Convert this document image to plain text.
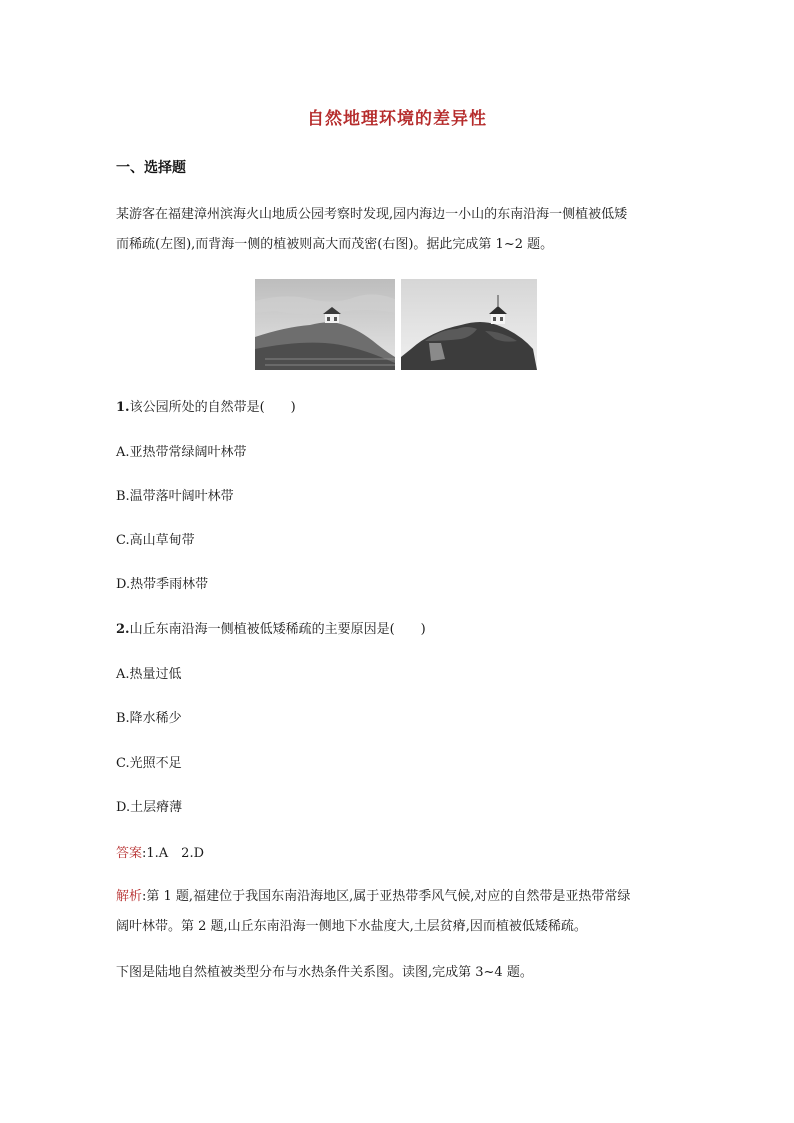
自然地理环境的差异性
一、选择题
某游客在福建漳州滨海火山地质公园考察时发现,园内海边一小山的东南沿海一侧植被低矮
而稀疏(左图),而背海一侧的植被则高大而茂密(右图)。据此完成第 1~2 题。
1.该公园所处的自然带是(　　)
A.亚热带常绿阔叶林带
B.温带落叶阔叶林带
C.高山草甸带
D.热带季雨林带
2.山丘东南沿海一侧植被低矮稀疏的主要原因是(　　)
A.热量过低
B.降水稀少
C.光照不足
D.土层瘠薄
答案:1.A　2.D
解析:第 1 题,福建位于我国东南沿海地区,属于亚热带季风气候,对应的自然带是亚热带常绿
阔叶林带。第 2 题,山丘东南沿海一侧地下水盐度大,土层贫瘠,因而植被低矮稀疏。
下图是陆地自然植被类型分布与水热条件关系图。读图,完成第 3~4 题。
